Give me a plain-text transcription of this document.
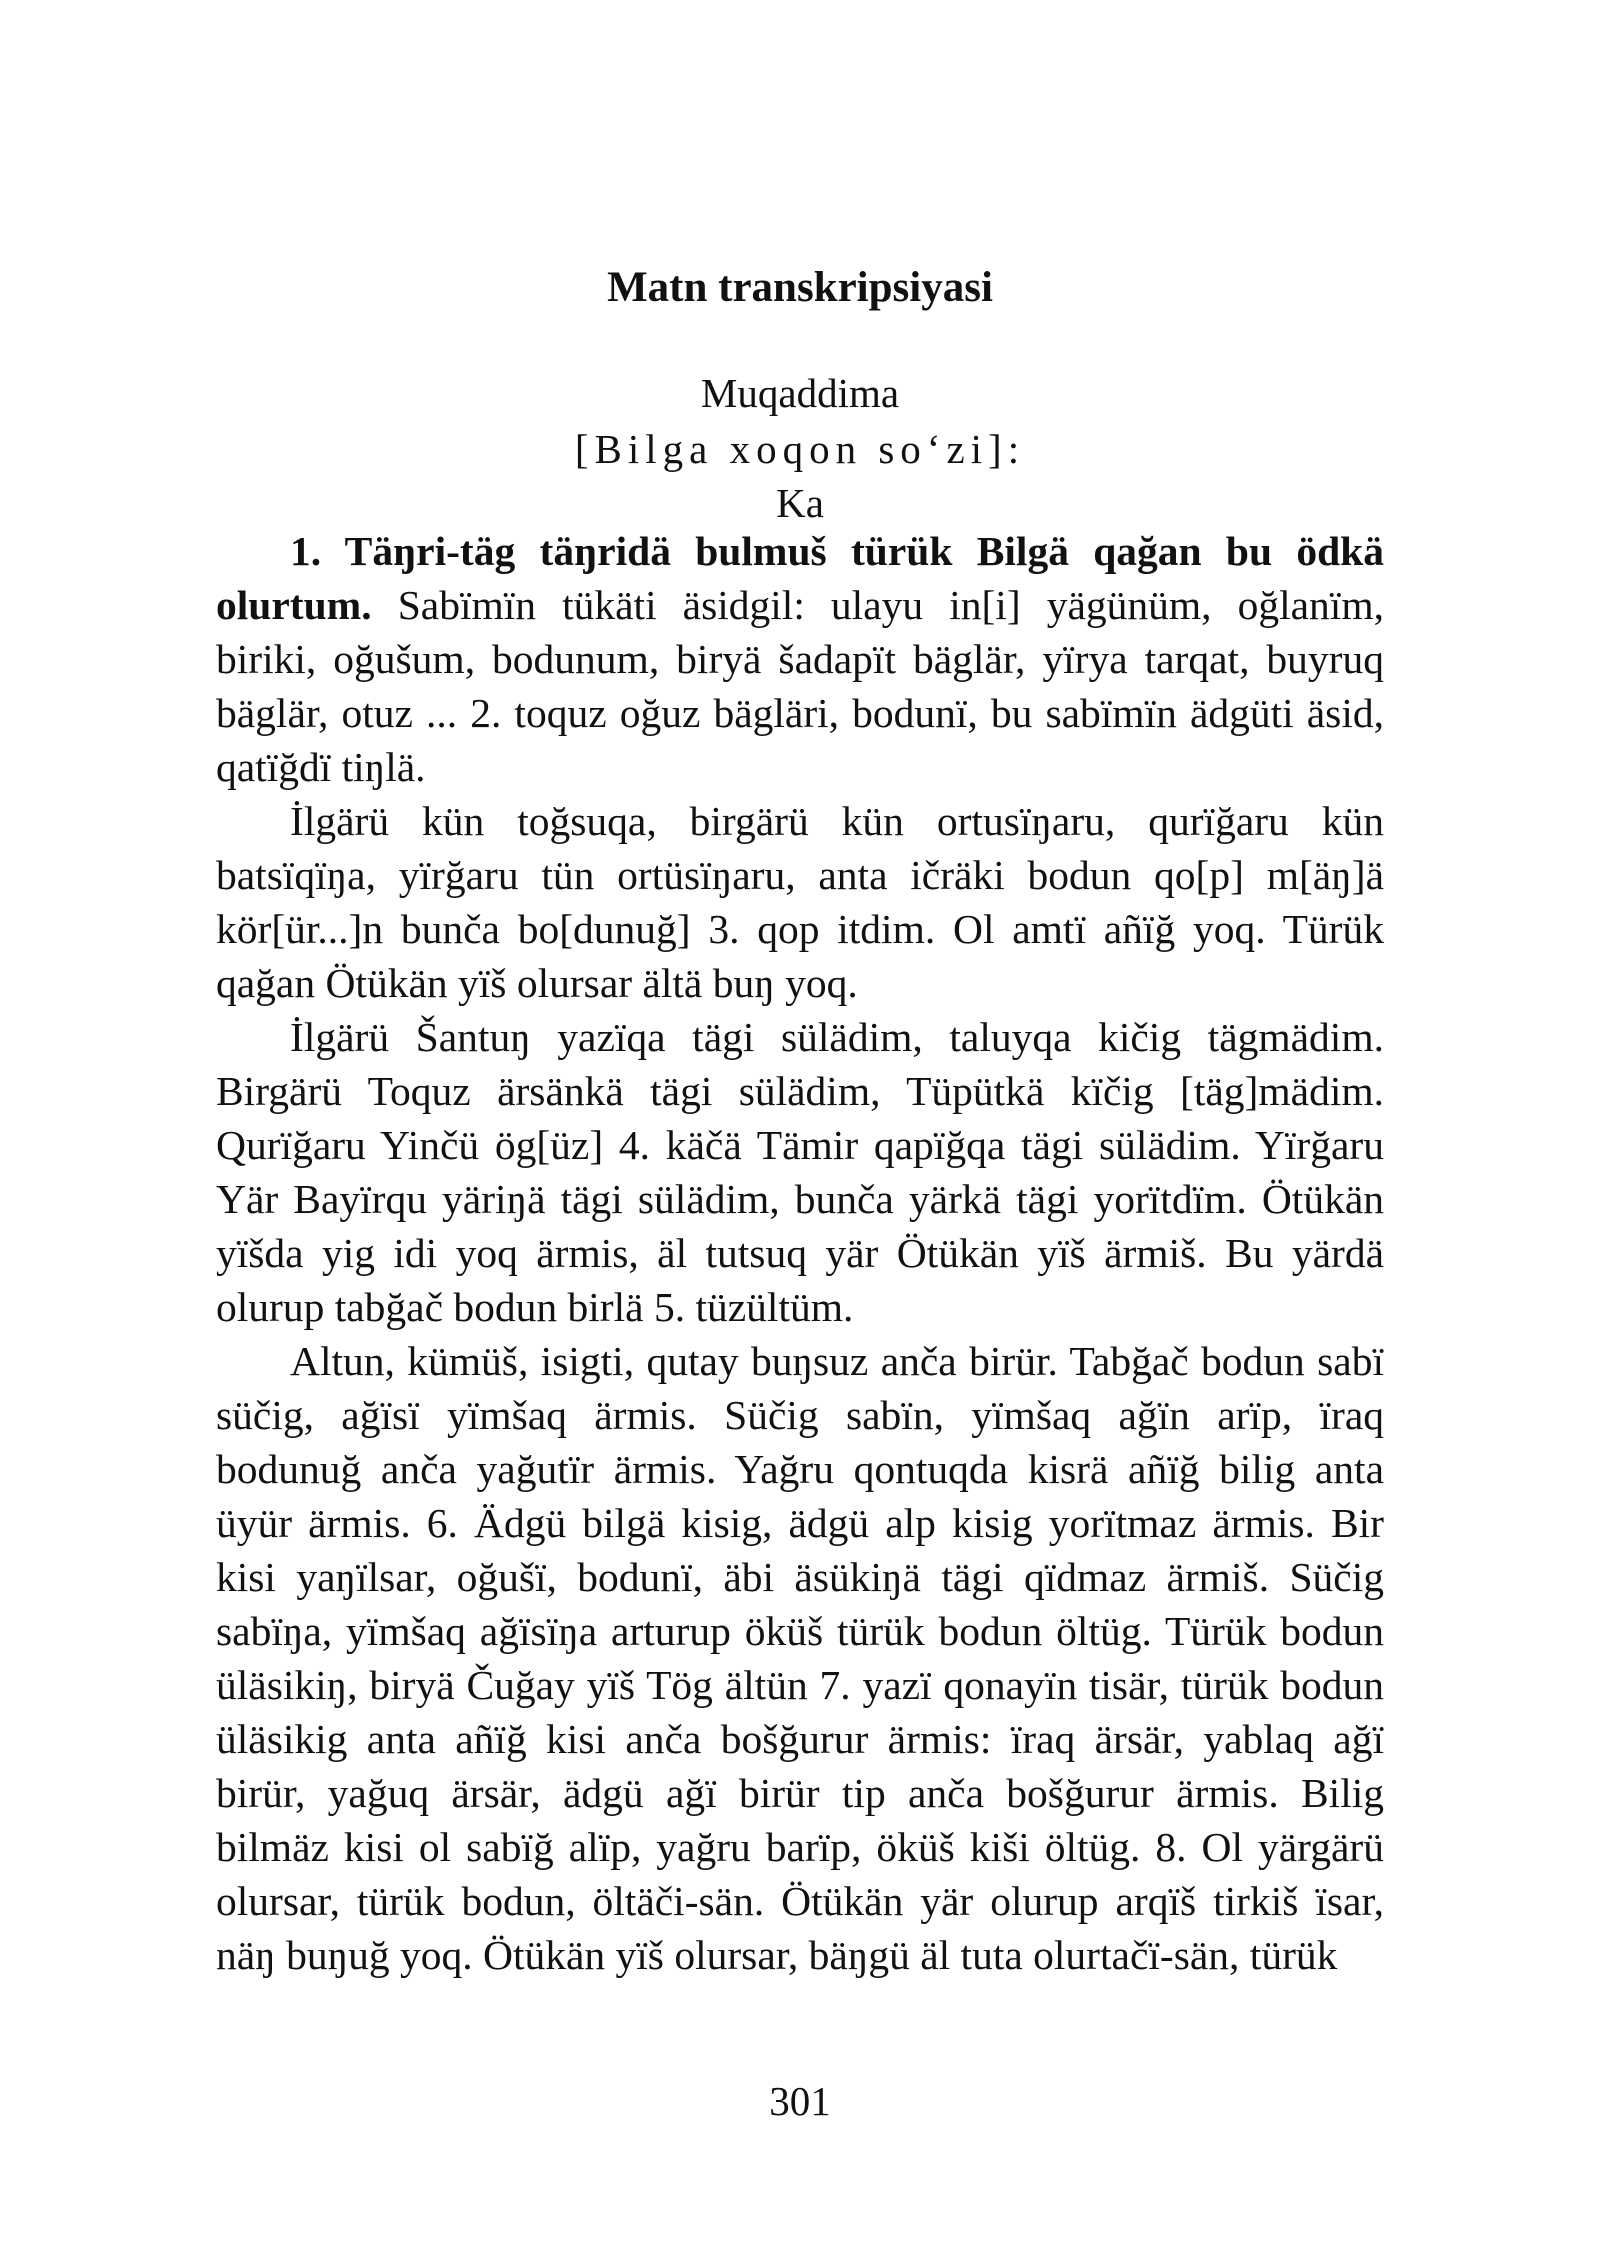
Matn transkripsiyasi
Muqaddima
[Bilga xoqon so‘zi]:
Ka

1. Täŋri-täg täŋridä bulmuš türük Bilgä qağan bu ödkä olurtum. Sabïmïn tükäti äsidgil: ulayu in[i] yägünüm, oğlanïm, biriki, oğušum, bodunum, biryä šadapït bäglär, yïrya tarqat, buyruq bäglär, otuz ... 2. toquz oğuz bägläri, bodunï, bu sabïmïn ädgüti äsid, qatïğdï tiŋlä.

İlgärü kün toğsuqa, birgärü kün ortusïŋaru, qurïğaru kün batsïqïŋa, yïrğaru tün ortüsïŋaru, anta ičräki bodun qo[p] m[äŋ]ä kör[ür...]n bunča bo[dunuğ] 3. qop itdim. Ol amtï añïğ yoq. Türük qağan Ötükän yïš olursar ältä buŋ yoq.

İlgärü Šantuŋ yazïqa tägi sülädim, taluyqa kičig tägmädim. Birgärü Toquz ärsänkä tägi sülädim, Tüpütkä kïčig [täg]mädim. Qurïğaru Yinčü ög[üz] 4. käčä Tämir qapïğqa tägi sülädim. Yïrğaru Yär Bayïrqu yäriŋä tägi sülädim, bunča yärkä tägi yorïtdïm. Ötükän yïšda yig idi yoq ärmis, äl tutsuq yär Ötükän yïš ärmiš. Bu yärdä olurup tabğač bodun birlä 5. tüzültüm.

Altun, kümüš, isigti, qutay buŋsuz anča birür. Tabğač bodun sabï süčig, ağïsï yïmšaq ärmis. Süčig sabïn, yïmšaq ağïn arïp, ïraq bodunuğ anča yağutïr ärmis. Yağru qontuqda kisrä añïğ bilig anta üyür ärmis. 6. Ädgü bilgä kisig, ädgü alp kisig yorïtmaz ärmis. Bir kisi yaŋïlsar, oğušï, bodunï, äbi äsükiŋä tägi qïdmaz ärmiš. Süčig sabïŋa, yïmšaq ağïsïŋa arturup öküš türük bodun öltüg. Türük bodun üläsikiŋ, biryä Čuğay yïš Tög ältün 7. yazï qonayïn tisär, türük bodun üläsikig anta añïğ kisi anča bošğurur ärmis: ïraq ärsär, yablaq ağï birür, yağuq ärsär, ädgü ağï birür tip anča bošğurur ärmis. Bilig bilmäz kisi ol sabïğ alïp, yağru barïp, öküš kiši öltüg. 8. Ol yärgärü olursar, türük bodun, öltäči-sän. Ötükän yär olurup arqïš tirkiš ïsar, näŋ buŋuğ yoq. Ötükän yïš olursar, bäŋgü äl tuta olurtačï-sän, türük

301
